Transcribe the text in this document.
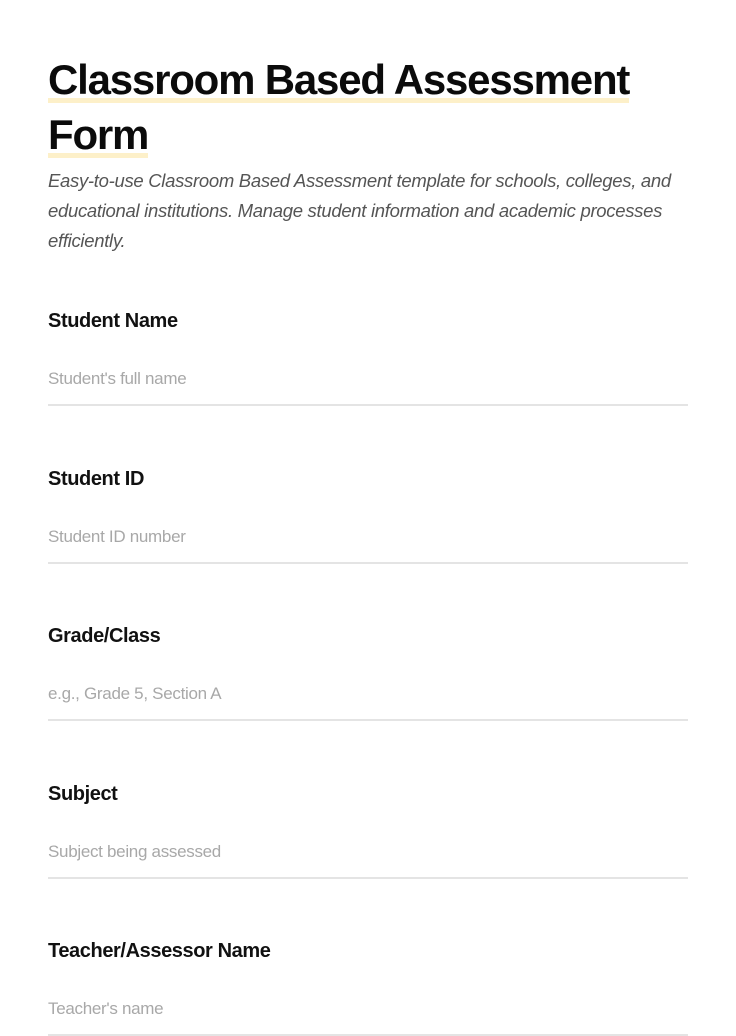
Classroom Based Assessment
Form

Easy-to-use Classroom Based Assessment template for schools, colleges, and educational institutions. Manage student information and academic processes efficiently.

Student Name
Student's full name
Student ID
Student ID number
Grade/Class
e.g., Grade 5, Section A
Subject
Subject being assessed
Teacher/Assessor Name
Teacher's name
